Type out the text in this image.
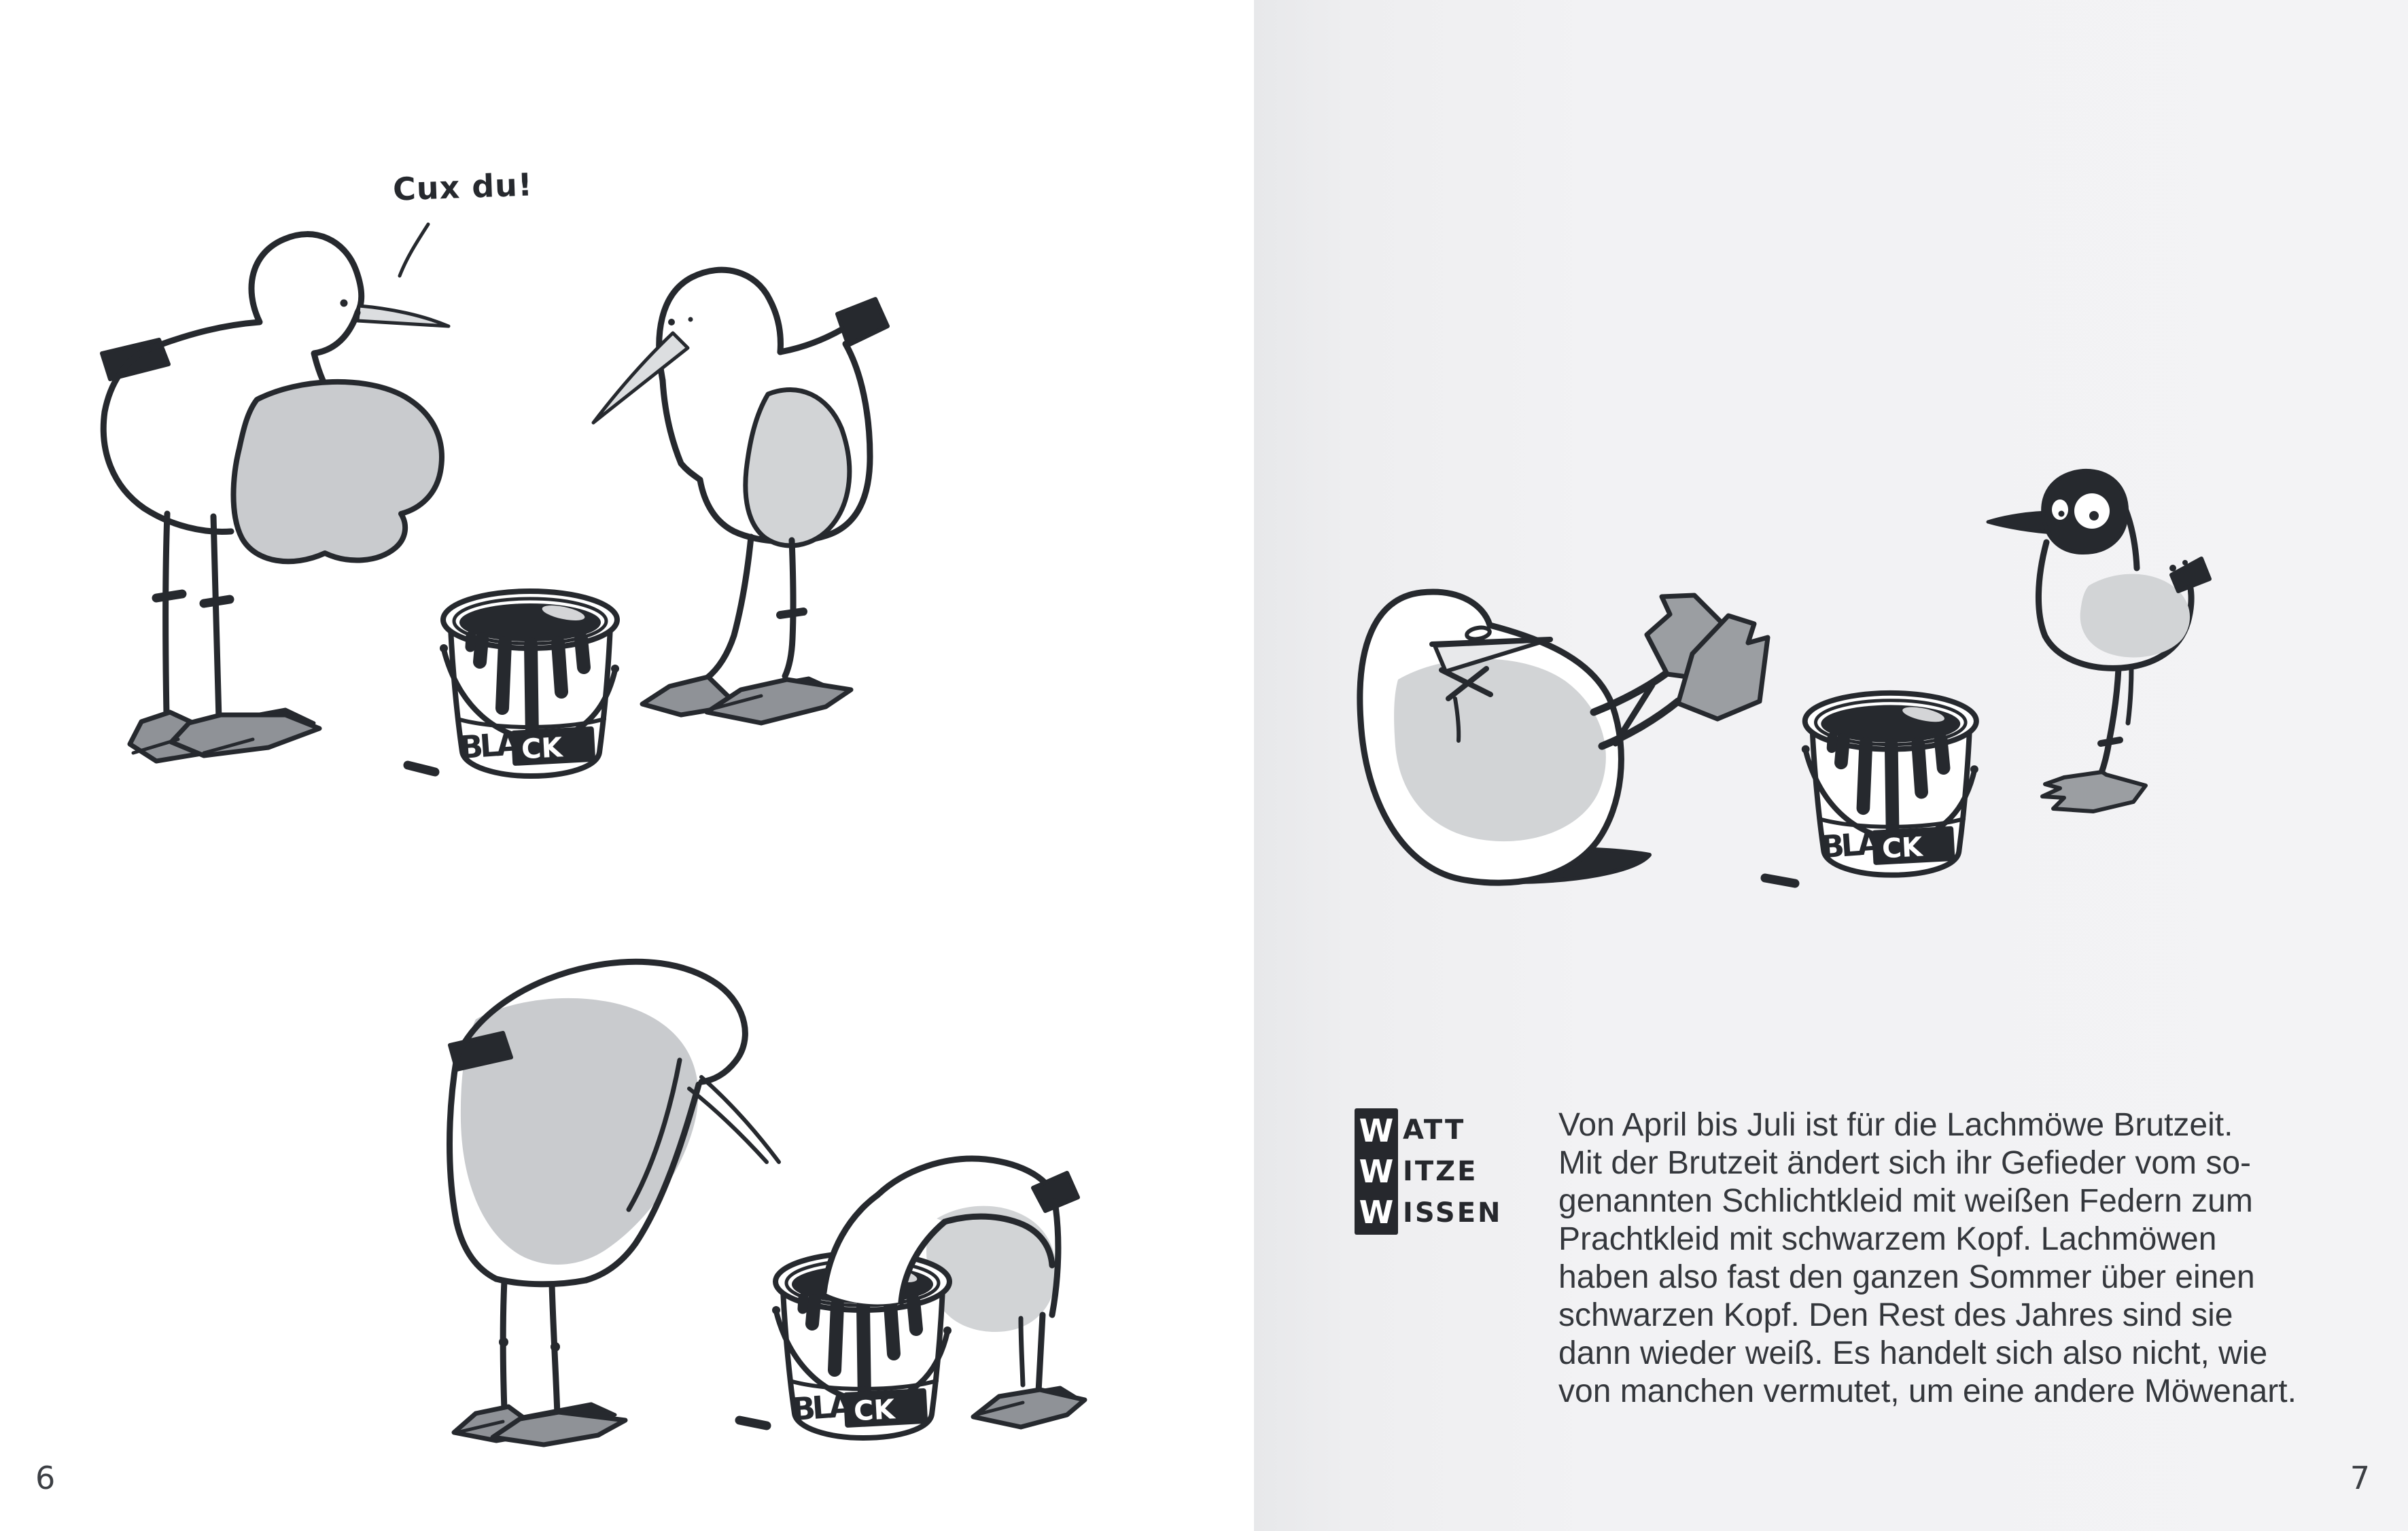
BLA CK
Cux du!
6
W
W
W
ATT
ITZE
ISSEN
Von April bis Juli ist für die Lachmöwe Brutzeit.
Mit der Brutzeit ändert sich ihr Gefieder vom so-
genannten Schlichtkleid mit weißen Federn zum
Prachtkleid mit schwarzem Kopf. Lachmöwen
haben also fast den ganzen Sommer über einen
schwarzen Kopf. Den Rest des Jahres sind sie
dann wieder weiß. Es handelt sich also nicht, wie
von manchen vermutet, um eine andere Möwenart.
7
